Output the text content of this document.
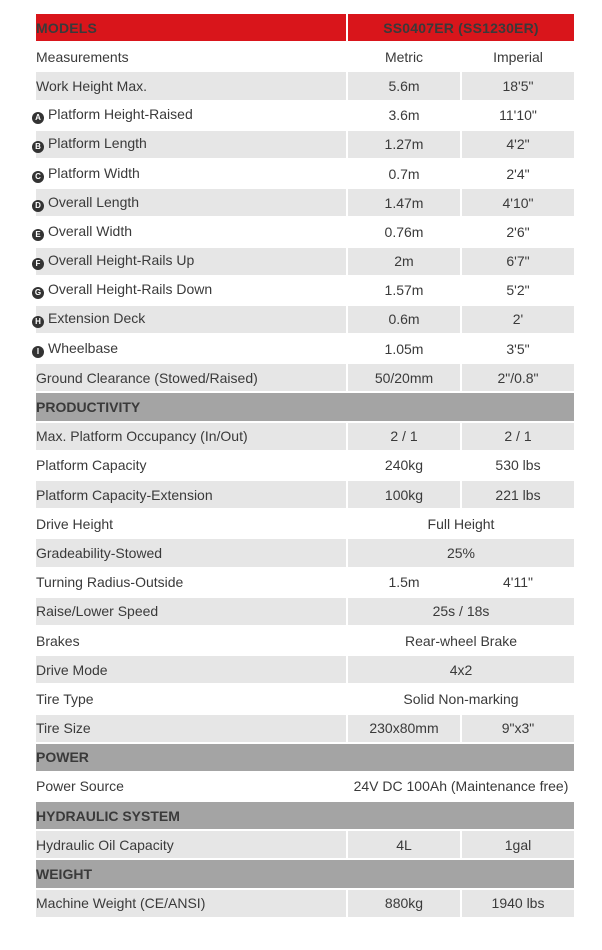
MODELS	SS0407ER (SS1230ER)	
Measurements	Metric	Imperial
Work Height Max.	5.6m	18'5"
A Platform Height-Raised	3.6m	11'10"
B Platform Length	1.27m	4'2"
C Platform Width	0.7m	2'4"
D Overall Length	1.47m	4'10"
E Overall Width	0.76m	2'6"
F Overall Height-Rails Up	2m	6'7"
G Overall Height-Rails Down	1.57m	5'2"
H Extension Deck	0.6m	2'
I Wheelbase	1.05m	3'5"
Ground Clearance (Stowed/Raised)	50/20mm	2"/0.8"
PRODUCTIVITY		
Max. Platform Occupancy (In/Out)	2 / 1	2 / 1
Platform Capacity	240kg	530 lbs
Platform Capacity-Extension	100kg	221 lbs
Drive Height	Full Height	
Gradeability-Stowed	25%	
Turning Radius-Outside	1.5m	4'11"
Raise/Lower Speed	25s / 18s	
Brakes	Rear-wheel Brake	
Drive Mode	4x2	
Tire Type	Solid Non-marking	
Tire Size	230x80mm	9"x3"
POWER		
Power Source	24V DC 100Ah (Maintenance free)	
HYDRAULIC SYSTEM		
Hydraulic Oil Capacity	4L	1gal
WEIGHT		
Machine Weight (CE/ANSI)	880kg	1940 lbs
